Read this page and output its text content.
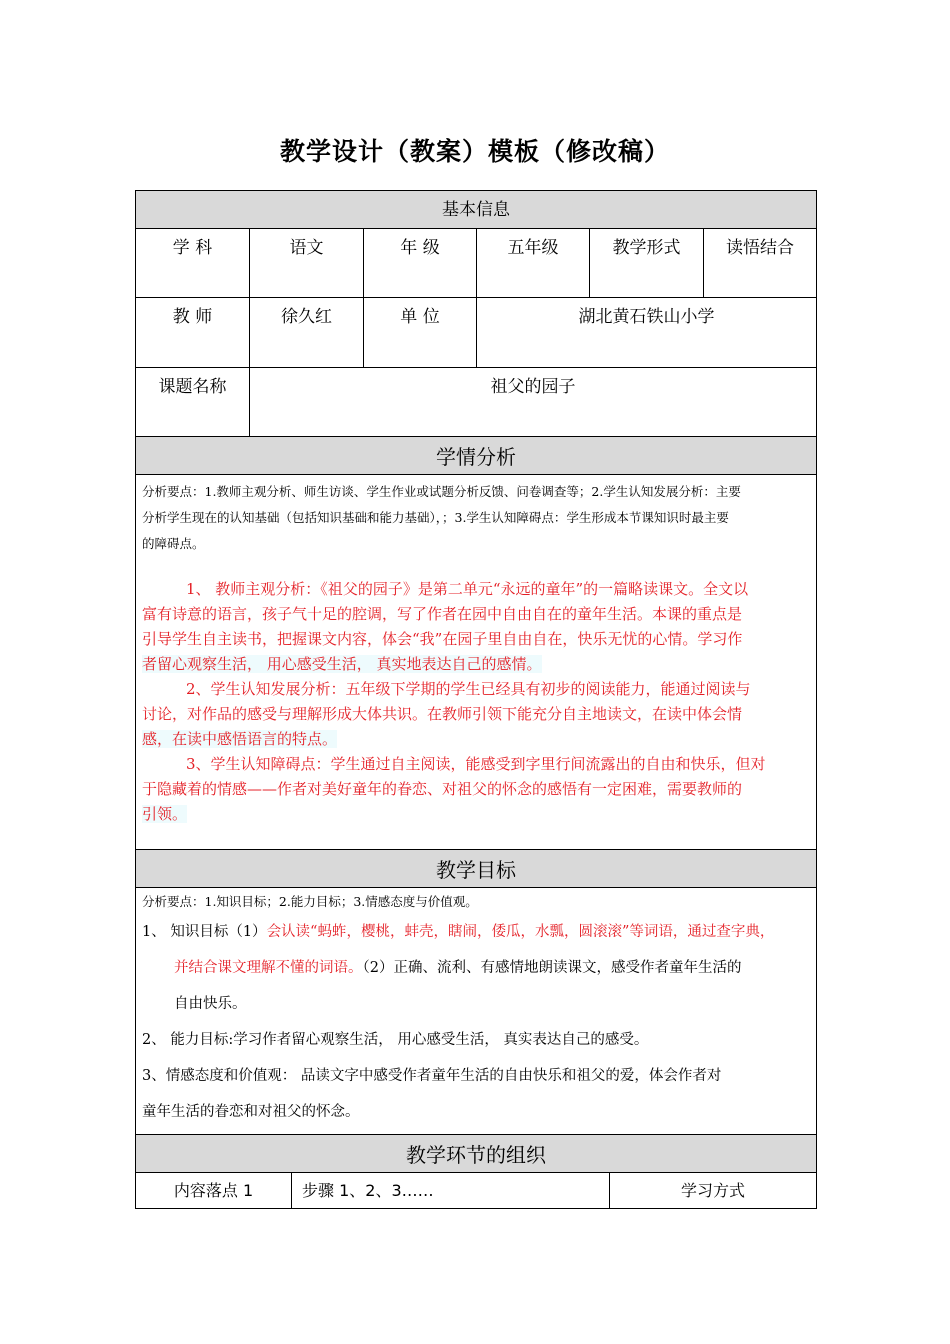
教学设计（教案）模板（修改稿）
基本信息
学 科	语文	年 级	五年级	教学形式	读悟结合
教 师	徐久红	单 位	湖北黄石铁山小学
课题名称	祖父的园子
学情分析
分析要点：1.教师主观分析、师生访谈、学生作业或试题分析反馈、问卷调查等；2.学生认知发展分析：主要
分析学生现在的认知基础（包括知识基础和能力基础），；3.学生认知障碍点：学生形成本节课知识时最主要
的障碍点。
1、 教师主观分析：《祖父的园子》是第二单元“永远的童年”的一篇略读课文。全文以
富有诗意的语言，孩子气十足的腔调，写了作者在园中自由自在的童年生活。本课的重点是
引导学生自主读书，把握课文内容，体会“我”在园子里自由自在，快乐无忧的心情。学习作
者留心观察生活， 用心感受生活， 真实地表达自己的感情。
2、学生认知发展分析：五年级下学期的学生已经具有初步的阅读能力，能通过阅读与
讨论，对作品的感受与理解形成大体共识。在教师引领下能充分自主地读文，在读中体会情
感，在读中感悟语言的特点。
3、学生认知障碍点：学生通过自主阅读，能感受到字里行间流露出的自由和快乐，但对
于隐藏着的情感——作者对美好童年的眷恋、对祖父的怀念的感悟有一定困难，需要教师的
引领。
教学目标
分析要点：1.知识目标；2.能力目标；3.情感态度与价值观。
1、 知识目标（1）会认读“蚂蚱，樱桃，蚌壳，瞎闹，倭瓜，水瓢，圆滚滚”等词语，通过查字典，
并结合课文理解不懂的词语。（2）正确、流利、有感情地朗读课文，感受作者童年生活的
自由快乐。
2、 能力目标:学习作者留心观察生活， 用心感受生活， 真实表达自己的感受。
3、情感态度和价值观： 品读文字中感受作者童年生活的自由快乐和祖父的爱，体会作者对
童年生活的眷恋和对祖父的怀念。
教学环节的组织
内容落点 1	步骤 1、2、3……	学习方式
